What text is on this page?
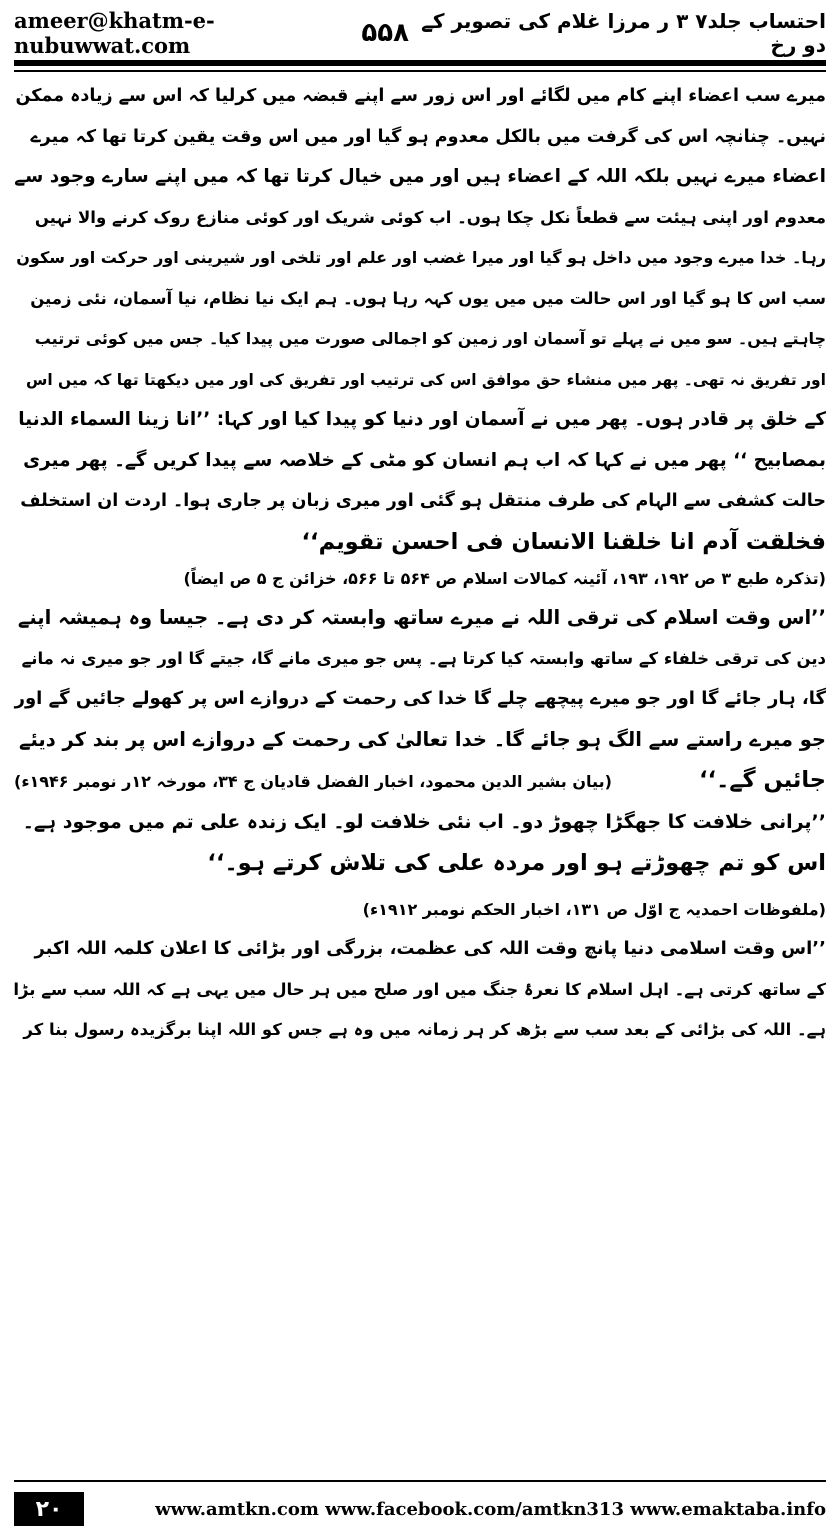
ameer@khatm-e-nubuwwat.com	۵۵۸ احتساب جلد۷ ۳ ر مرزا غلام کی تصویر کے دو رخ
میرے سب اعضاء اپنے کام میں لگائے اور اس زور سے اپنے قبضہ میں کرلیا کہ اس سے زیادہ ممکن
نہیں۔ چنانچہ اس کی گرفت میں بالکل معدوم ہو گیا اور میں اس وقت یقین کرتا تھا کہ میرے
اعضاء میرے نہیں بلکہ اللہ کے اعضاء ہیں اور میں خیال کرتا تھا کہ میں اپنے سارے وجود سے
معدوم اور اپنی ہیئت سے قطعاً نکل چکا ہوں۔ اب کوئی شریک اور کوئی منازع روک کرنے والا نہیں
رہا۔ خدا میرے وجود میں داخل ہو گیا اور میرا غضب اور علم اور تلخی اور شیرینی اور حرکت اور سکون
سب اس کا ہو گیا اور اس حالت میں میں یوں کہہ رہا ہوں۔ ہم ایک نیا نظام، نیا آسمان، نئی زمین
چاہتے ہیں۔ سو میں نے پہلے تو آسمان اور زمین کو اجمالی صورت میں پیدا کیا۔ جس میں کوئی ترتیب
اور تفریق نہ تھی۔ پھر میں منشاء حق موافق اس کی ترتیب اور تفریق کی اور میں دیکھتا تھا کہ میں اس
کے خلق پر قادر ہوں۔ پھر میں نے آسمان اور دنیا کو پیدا کیا اور کہا: ’’انا زینا السماء الدنیا
بمصابیح ‘‘ پھر میں نے کہا کہ اب ہم انسان کو مٹی کے خلاصہ سے پیدا کریں گے۔ پھر میری
حالت کشفی سے الہام کی طرف منتقل ہو گئی اور میری زبان پر جاری ہوا۔ اردت ان استخلف
فخلقت آدم انا خلقنا الانسان فی احسن تقویم‘‘
(تذکرہ طبع ۳ ص ۱۹۲، ۱۹۳، آئینہ کمالات اسلام ص ۵۶۴ تا ۵۶۶، خزائن ج ۵ ص ایضاً)
’’اس وقت اسلام کی ترقی اللہ نے میرے ساتھ وابستہ کر دی ہے۔ جیسا وہ ہمیشہ اپنے
دین کی ترقی خلفاء کے ساتھ وابستہ کیا کرتا ہے۔ پس جو میری مانے گا، جیتے گا اور جو میری نہ مانے
گا، ہار جائے گا اور جو میرے پیچھے چلے گا خدا کی رحمت کے دروازے اس پر کھولے جائیں گے اور
جو میرے راستے سے الگ ہو جائے گا۔ خدا تعالیٰ کی رحمت کے دروازے اس پر بند کر دیئے
جائیں گے۔‘‘
(بیان بشیر الدین محمود، اخبار الفضل قادیان ج ۳۴، مورخہ ۱۲ر نومبر ۱۹۴۶ء)
’’پرانی خلافت کا جھگڑا چھوڑ دو۔ اب نئی خلافت لو۔ ایک زندہ علی تم میں موجود ہے۔
اس کو تم چھوڑتے ہو اور مردہ علی کی تلاش کرتے ہو۔‘‘
(ملفوظات احمدیہ ج اوّل ص ۱۳۱، اخبار الحکم نومبر ۱۹۱۲ء)
’’اس وقت اسلامی دنیا پانچ وقت اللہ کی عظمت، بزرگی اور بڑائی کا اعلان کلمہ اللہ اکبر
کے ساتھ کرتی ہے۔ اہل اسلام کا نعرۂ جنگ میں اور صلح میں ہر حال میں یہی ہے کہ اللہ سب سے بڑا
ہے۔ اللہ کی بڑائی کے بعد سب سے بڑھ کر ہر زمانہ میں وہ ہے جس کو اللہ اپنا برگزیدہ رسول بنا کر
۲۰	www.amtkn.com www.facebook.com/amtkn313 www.emaktaba.info
